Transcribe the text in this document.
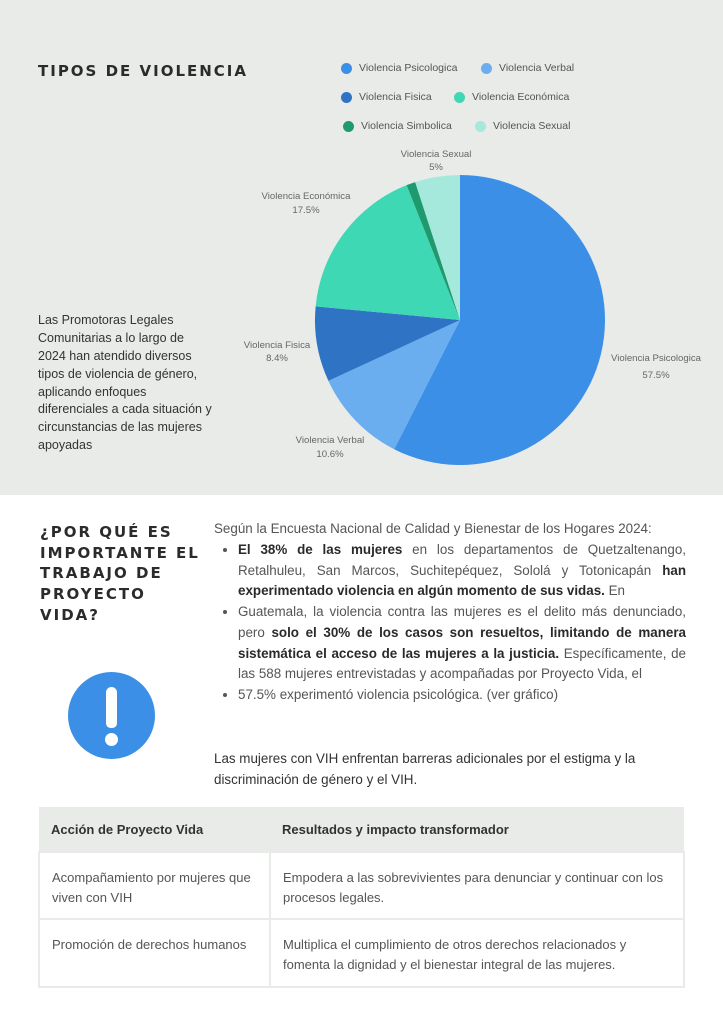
TIPOS DE VIOLENCIA	Violencia Psicologica	Violencia Verbal
Violencia Fisica	Violencia Económica
Violencia Simbolica	Violencia Sexual
Violencia Sexual
5%
Violencia Económica
17.5%
Violencia Fisica
8.4%
Violencia Verbal
10.6%
Violencia Psicologica
57.5%
Las Promotoras Legales Comunitarias a lo largo de 2024 han atendido diversos tipos de violencia de género, aplicando enfoques diferenciales a cada situación y circunstancias de las mujeres apoyadas
¿POR QUÉ ES IMPORTANTE EL TRABAJO DE PROYECTO VIDA?
Según la Encuesta Nacional de Calidad y Bienestar de los Hogares 2024:
• El 38% de las mujeres en los departamentos de Quetzaltenango, Retalhuleu, San Marcos, Suchitepéquez, Sololá y Totonicapán han experimentado violencia en algún momento de sus vidas. En
• Guatemala, la violencia contra las mujeres es el delito más denunciado, pero solo el 30% de los casos son resueltos, limitando de manera sistemática el acceso de las mujeres a la justicia. Específicamente, de las 588 mujeres entrevistadas y acompañadas por Proyecto Vida, el
• 57.5% experimentó violencia psicológica. (ver gráfico)
Las mujeres con VIH enfrentan barreras adicionales por el estigma y la discriminación de género y el VIH.
Acción de Proyecto Vida	Resultados y impacto transformador
Acompañamiento por mujeres que viven con VIH	Empodera a las sobrevivientes para denunciar y continuar con los procesos legales.
Promoción de derechos humanos	Multiplica el cumplimiento de otros derechos relacionados y fomenta la dignidad y el bienestar integral de las mujeres.
